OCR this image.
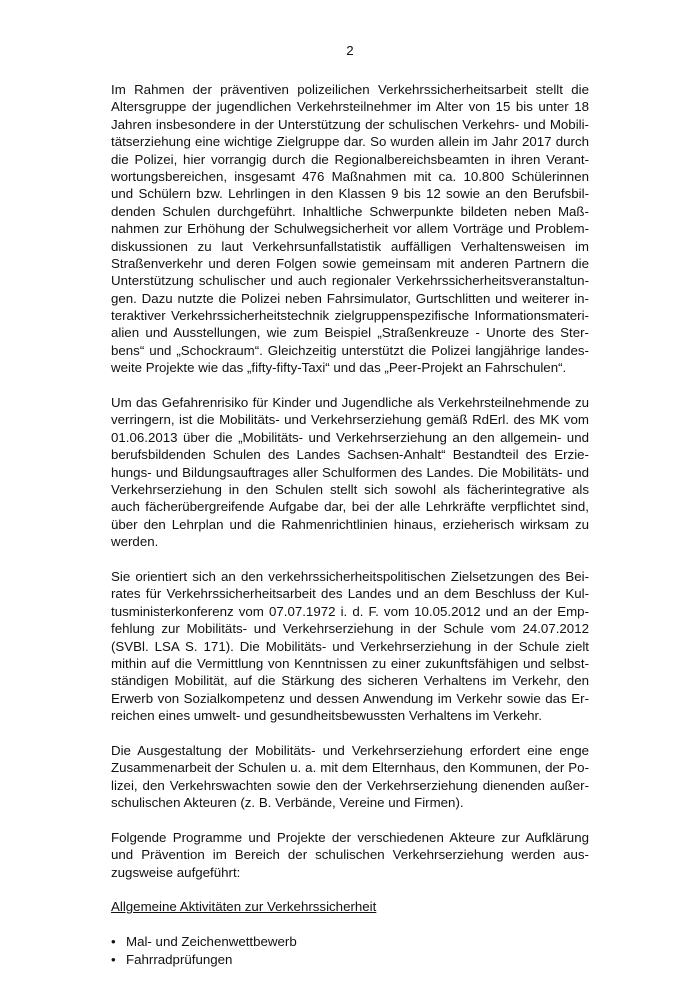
2
Im Rahmen der präventiven polizeilichen Verkehrssicherheitsarbeit stellt die
Altersgruppe der jugendlichen Verkehrsteilnehmer im Alter von 15 bis unter 18
Jahren insbesondere in der Unterstützung der schulischen Verkehrs- und Mobili-
tätserziehung eine wichtige Zielgruppe dar. So wurden allein im Jahr 2017 durch
die Polizei, hier vorrangig durch die Regionalbereichsbeamten in ihren Verant-
wortungsbereichen, insgesamt 476 Maßnahmen mit ca. 10.800 Schülerinnen
und Schülern bzw. Lehrlingen in den Klassen 9 bis 12 sowie an den Berufsbil-
denden Schulen durchgeführt. Inhaltliche Schwerpunkte bildeten neben Maß-
nahmen zur Erhöhung der Schulwegsicherheit vor allem Vorträge und Problem-
diskussionen zu laut Verkehrsunfallstatistik auffälligen Verhaltensweisen im
Straßenverkehr und deren Folgen sowie gemeinsam mit anderen Partnern die
Unterstützung schulischer und auch regionaler Verkehrssicherheitsveranstaltun-
gen. Dazu nutzte die Polizei neben Fahrsimulator, Gurtschlitten und weiterer in-
teraktiver Verkehrssicherheitstechnik zielgruppenspezifische Informationsmateri-
alien und Ausstellungen, wie zum Beispiel „Straßenkreuze - Unorte des Ster-
bens“ und „Schockraum“. Gleichzeitig unterstützt die Polizei langjährige landes-
weite Projekte wie das „fifty-fifty-Taxi“ und das „Peer-Projekt an Fahrschulen“.
Um das Gefahrenrisiko für Kinder und Jugendliche als Verkehrsteilnehmende zu
verringern, ist die Mobilitäts- und Verkehrserziehung gemäß RdErl. des MK vom
01.06.2013 über die „Mobilitäts- und Verkehrserziehung an den allgemein- und
berufsbildenden Schulen des Landes Sachsen-Anhalt“ Bestandteil des Erzie-
hungs- und Bildungsauftrages aller Schulformen des Landes. Die Mobilitäts- und
Verkehrserziehung in den Schulen stellt sich sowohl als fächerintegrative als
auch fächerübergreifende Aufgabe dar, bei der alle Lehrkräfte verpflichtet sind,
über den Lehrplan und die Rahmenrichtlinien hinaus, erzieherisch wirksam zu
werden.
Sie orientiert sich an den verkehrssicherheitspolitischen Zielsetzungen des Bei-
rates für Verkehrssicherheitsarbeit des Landes und an dem Beschluss der Kul-
tusministerkonferenz vom 07.07.1972 i. d. F. vom 10.05.2012 und an der Emp-
fehlung zur Mobilitäts- und Verkehrserziehung in der Schule vom 24.07.2012
(SVBl. LSA S. 171). Die Mobilitäts- und Verkehrserziehung in der Schule zielt
mithin auf die Vermittlung von Kenntnissen zu einer zukunftsfähigen und selbst-
ständigen Mobilität, auf die Stärkung des sicheren Verhaltens im Verkehr, den
Erwerb von Sozialkompetenz und dessen Anwendung im Verkehr sowie das Er-
reichen eines umwelt- und gesundheitsbewussten Verhaltens im Verkehr.
Die Ausgestaltung der Mobilitäts- und Verkehrserziehung erfordert eine enge
Zusammenarbeit der Schulen u. a. mit dem Elternhaus, den Kommunen, der Po-
lizei, den Verkehrswachten sowie den der Verkehrserziehung dienenden außer-
schulischen Akteuren (z. B. Verbände, Vereine und Firmen).
Folgende Programme und Projekte der verschiedenen Akteure zur Aufklärung
und Prävention im Bereich der schulischen Verkehrserziehung werden aus-
zugsweise aufgeführt:
Allgemeine Aktivitäten zur Verkehrssicherheit
• Mal- und Zeichenwettbewerb
• Fahrradprüfungen
